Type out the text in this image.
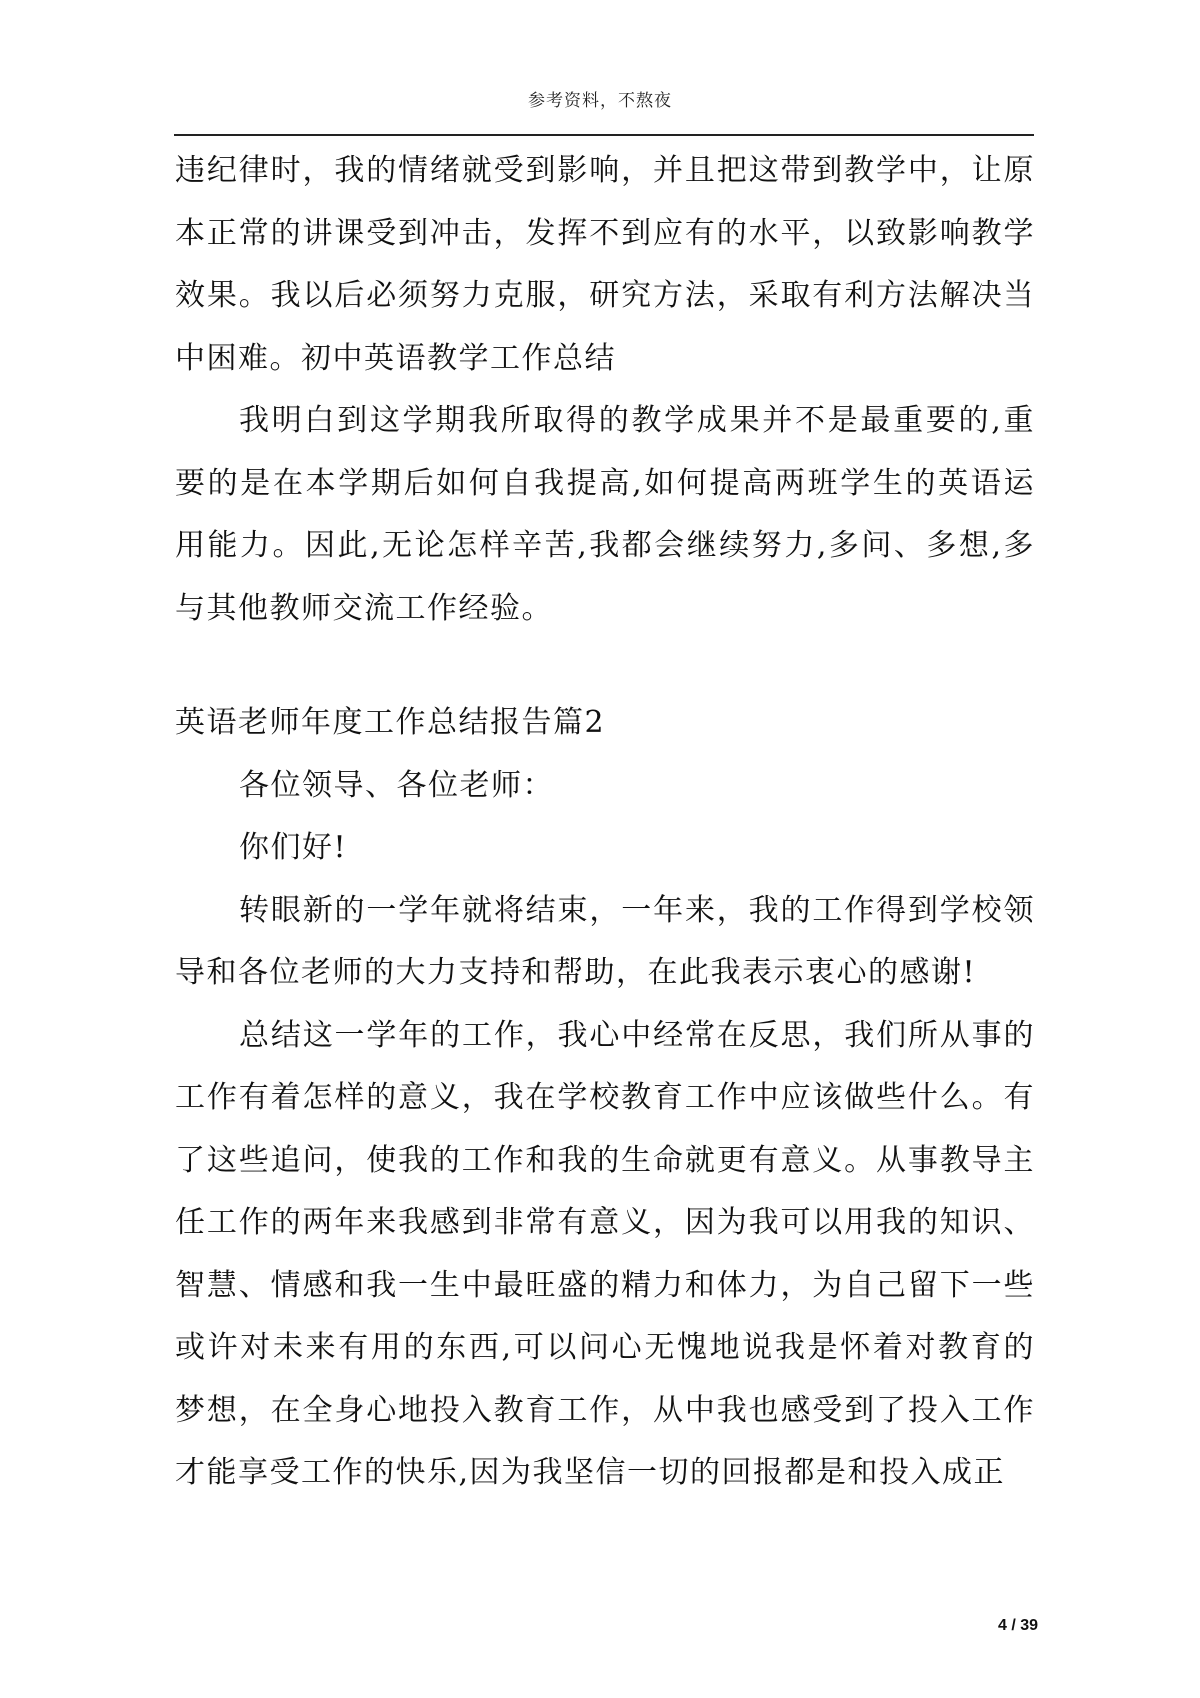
参考资料，不熬夜

违纪律时，我的情绪就受到影响，并且把这带到教学中，让原本正常的讲课受到冲击，发挥不到应有的水平，以致影响教学效果。我以后必须努力克服，研究方法，采取有利方法解决当中困难。初中英语教学工作总结

我明白到这学期我所取得的教学成果并不是最重要的,重要的是在本学期后如何自我提高,如何提高两班学生的英语运用能力。因此,无论怎样辛苦,我都会继续努力,多问、多想,多与其他教师交流工作经验。

英语老师年度工作总结报告篇2

各位领导、各位老师：

你们好!

转眼新的一学年就将结束，一年来，我的工作得到学校领导和各位老师的大力支持和帮助，在此我表示衷心的感谢!

总结这一学年的工作，我心中经常在反思，我们所从事的工作有着怎样的意义，我在学校教育工作中应该做些什么。有了这些追问，使我的工作和我的生命就更有意义。从事教导主任工作的两年来我感到非常有意义，因为我可以用我的知识、智慧、情感和我一生中最旺盛的精力和体力，为自己留下一些或许对未来有用的东西,可以问心无愧地说我是怀着对教育的梦想，在全身心地投入教育工作，从中我也感受到了投入工作才能享受工作的快乐,因为我坚信一切的回报都是和投入成正

4 / 39
